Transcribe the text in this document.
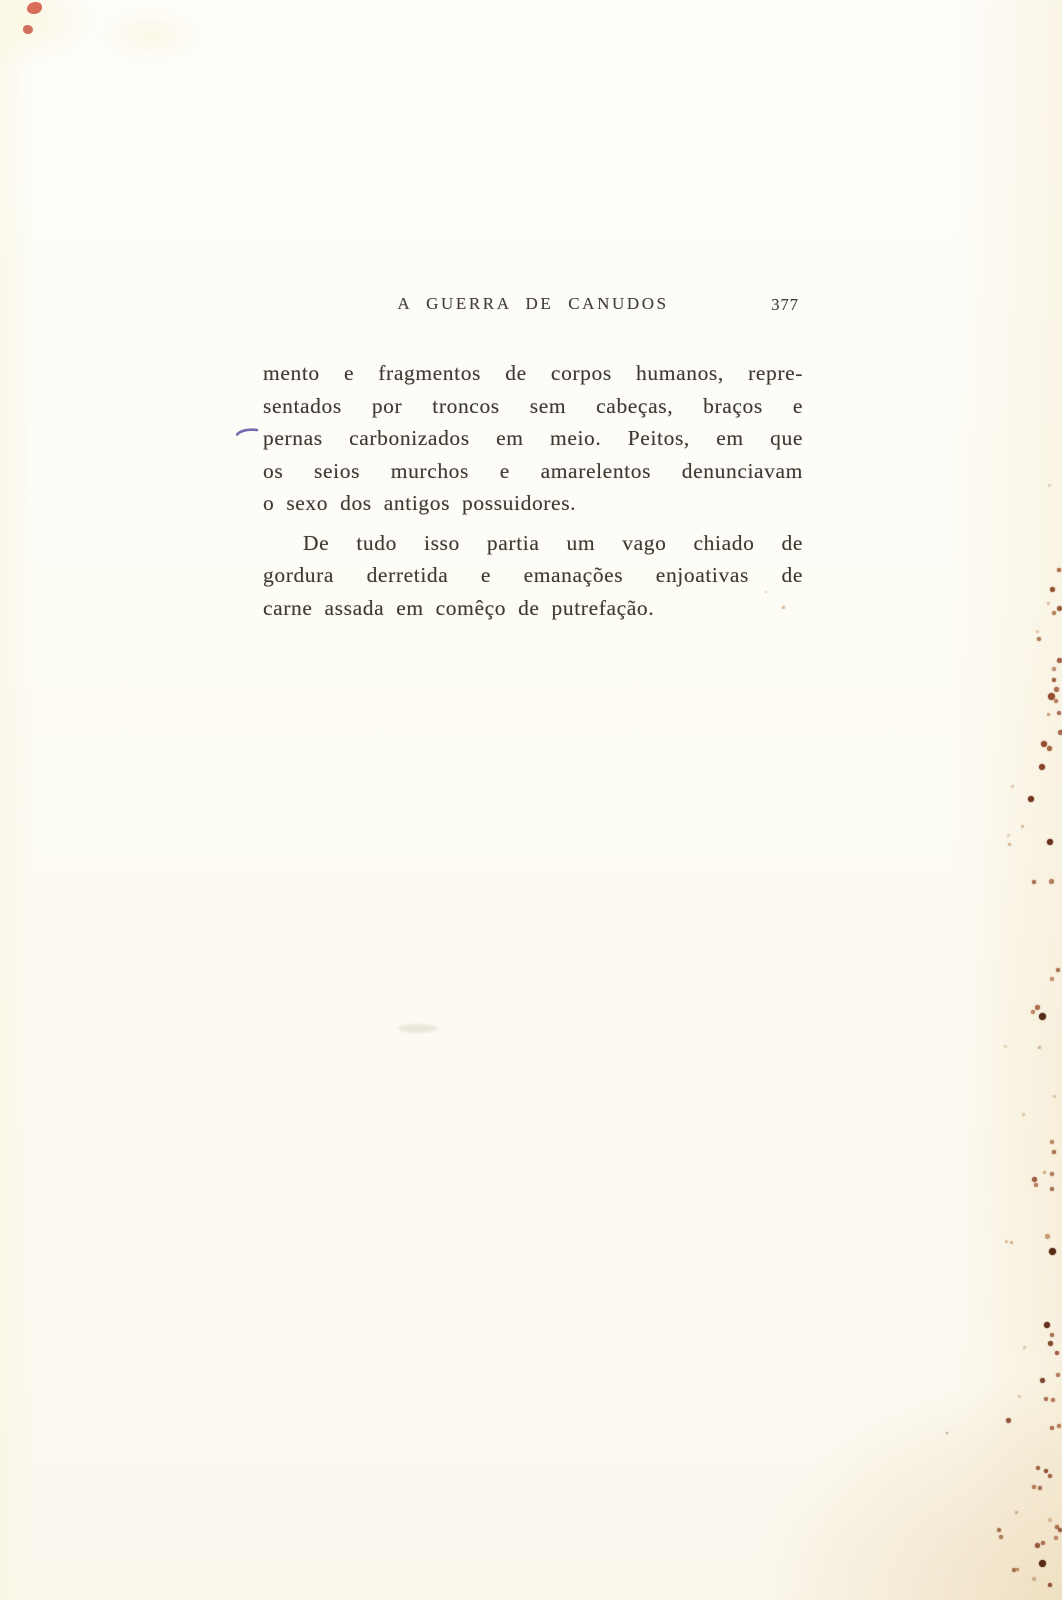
A GUERRA DE CANUDOS	377
mento e fragmentos de corpos humanos, repre-
sentados por troncos sem cabeças, braços e
pernas carbonizados em meio. Peitos, em que
os seios murchos e amarelentos denunciavam
o sexo dos antigos possuidores.
De tudo isso partia um vago chiado de
gordura derretida e emanações enjoativas de
carne assada em comêço de putrefação.
